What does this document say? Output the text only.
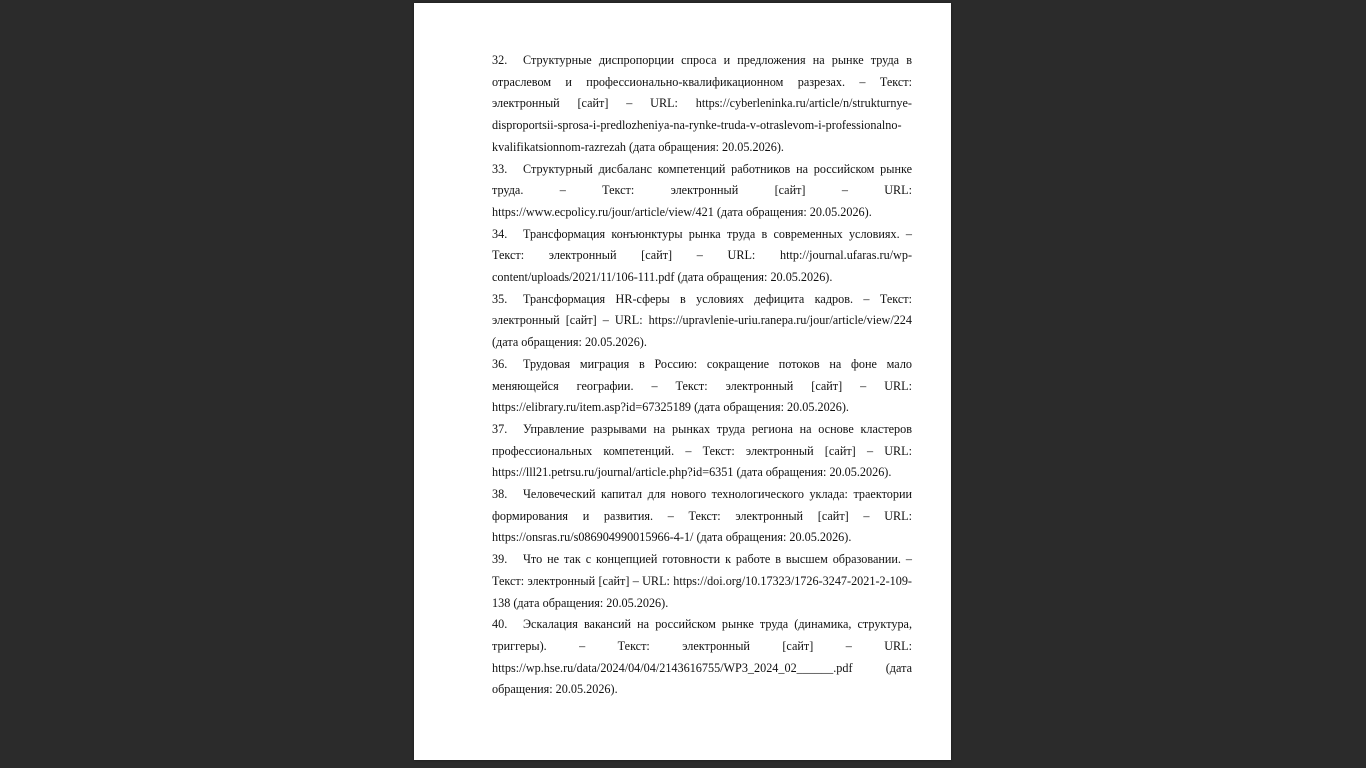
32. Структурные диспропорции спроса и предложения на рынке труда в отраслевом и профессионально-квалификационном разрезах. – Текст: электронный [сайт] – URL: https://cyberleninka.ru/article/n/strukturnye-disproportsii-sprosa-i-predlozheniya-na-rynke-truda-v-otraslevom-i-professionalno-kvalifikatsionnom-razrezah (дата обращения: 20.05.2026).
33. Структурный дисбаланс компетенций работников на российском рынке труда. – Текст: электронный [сайт] – URL: https://www.ecpolicy.ru/jour/article/view/421 (дата обращения: 20.05.2026).
34. Трансформация конъюнктуры рынка труда в современных условиях. – Текст: электронный [сайт] – URL: http://journal.ufaras.ru/wp-content/uploads/2021/11/106-111.pdf (дата обращения: 20.05.2026).
35. Трансформация HR-сферы в условиях дефицита кадров. – Текст: электронный [сайт] – URL: https://upravlenie-uriu.ranepa.ru/jour/article/view/224 (дата обращения: 20.05.2026).
36. Трудовая миграция в Россию: сокращение потоков на фоне мало меняющейся географии. – Текст: электронный [сайт] – URL: https://elibrary.ru/item.asp?id=67325189 (дата обращения: 20.05.2026).
37. Управление разрывами на рынках труда региона на основе кластеров профессиональных компетенций. – Текст: электронный [сайт] – URL: https://lll21.petrsu.ru/journal/article.php?id=6351 (дата обращения: 20.05.2026).
38. Человеческий капитал для нового технологического уклада: траектории формирования и развития. – Текст: электронный [сайт] – URL: https://onsras.ru/s086904990015966-4-1/ (дата обращения: 20.05.2026).
39. Что не так с концепцией готовности к работе в высшем образовании. – Текст: электронный [сайт] – URL: https://doi.org/10.17323/1726-3247-2021-2-109-138 (дата обращения: 20.05.2026).
40. Эскалация вакансий на российском рынке труда (динамика, структура, триггеры). – Текст: электронный [сайт] – URL: https://wp.hse.ru/data/2024/04/04/2143616755/WP3_2024_02______.pdf (дата обращения: 20.05.2026).
